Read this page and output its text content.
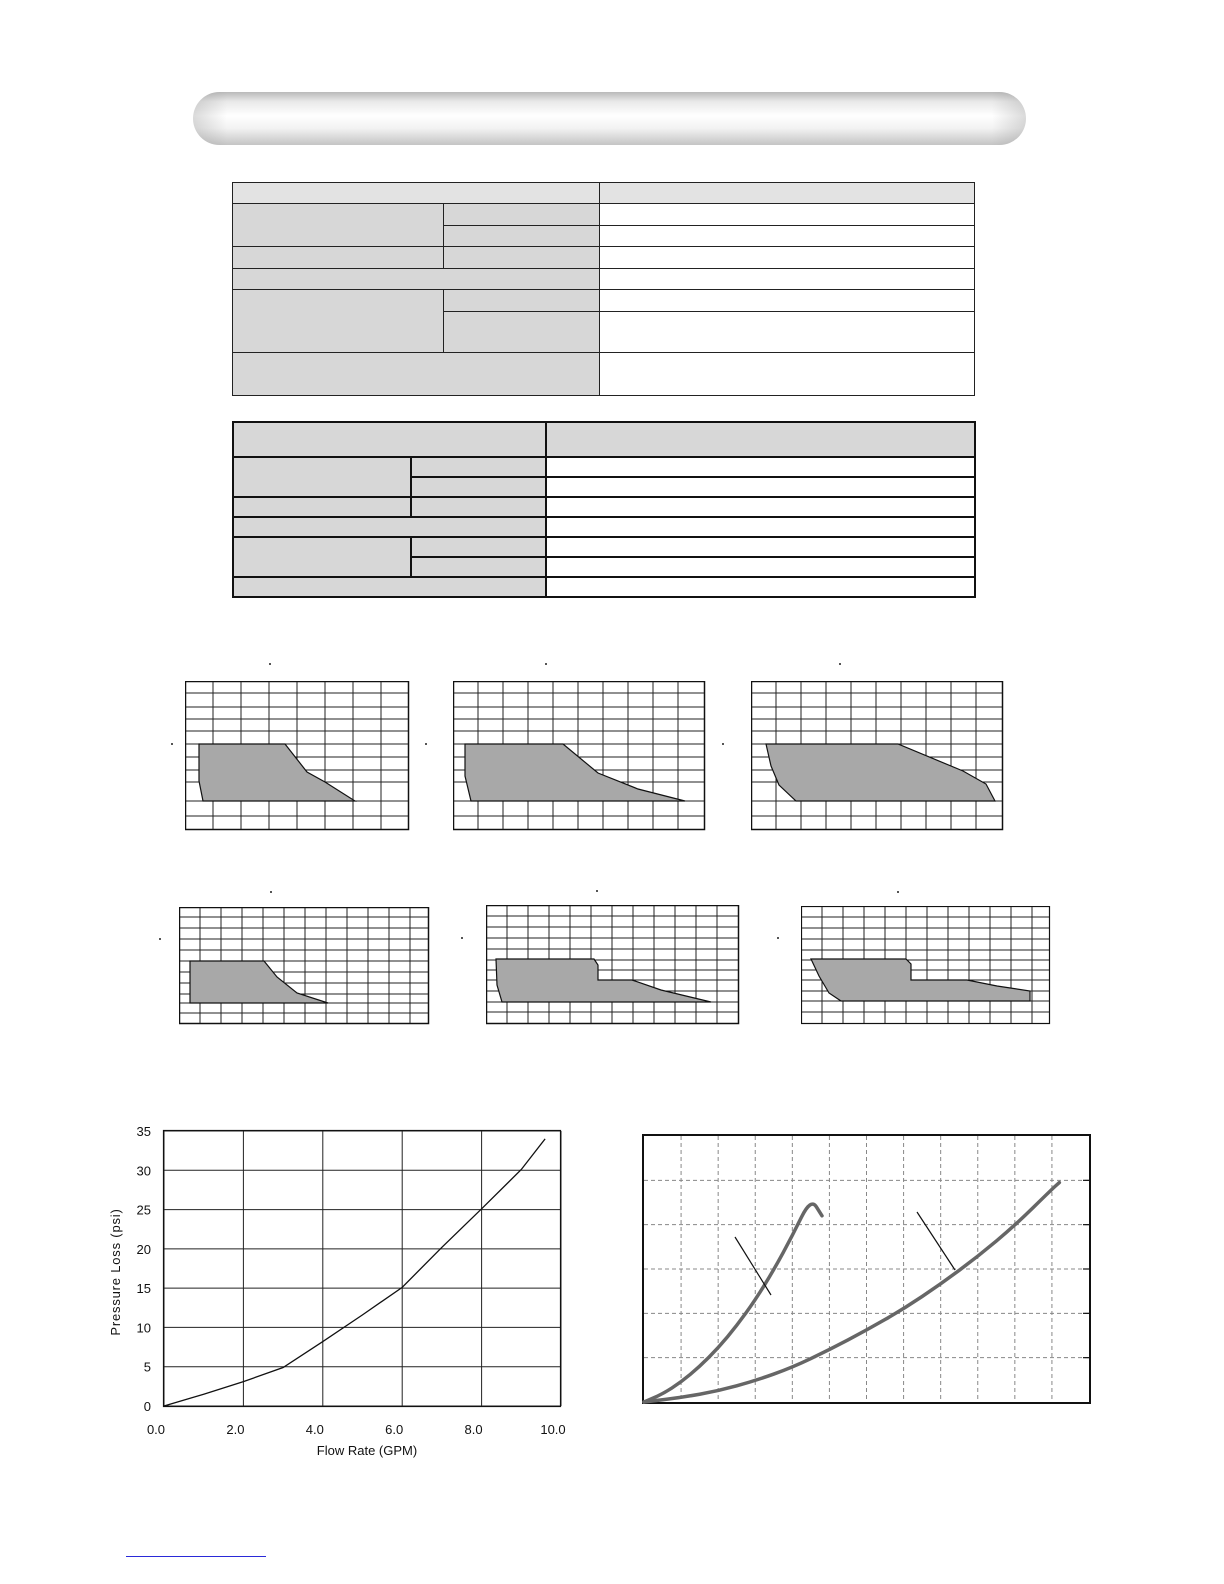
0.0	2.0	4.0	6.0	8.0	10.0
0
5
10
15
20
25
30
35
Flow Rate (GPM)
Pressure Loss (psi)
